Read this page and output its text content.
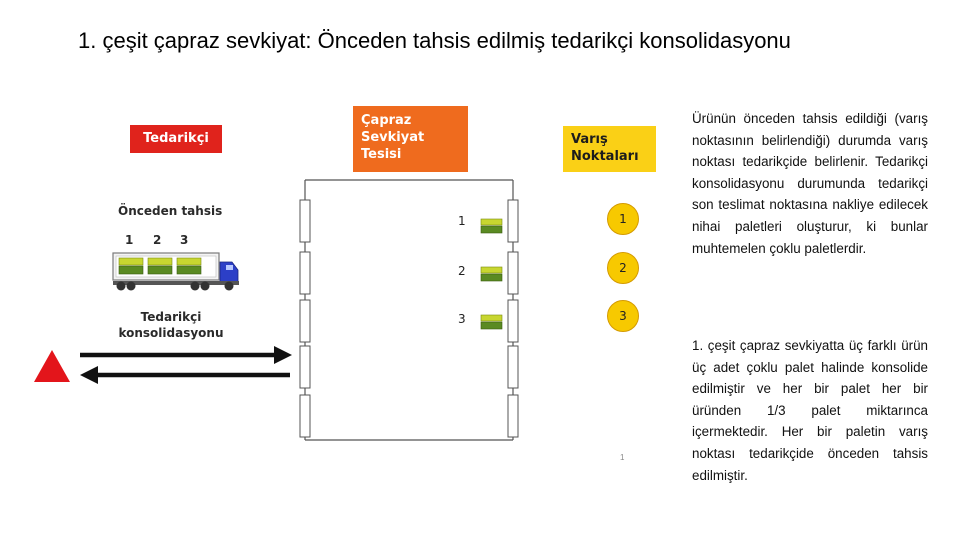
1. çeşit çapraz sevkiyat: Önceden tahsis edilmiş tedarikçi konsolidasyonu
Tedarikçi
Çapraz
Sevkiyat
Tesisi
Varış
Noktaları
Önceden tahsis
1 2 3
Tedarikçi
konsolidasyonu
1
2
3
1
2
3
1
Ürünün önceden tahsis edildiği (varış noktasının belirlendiği) durumda varış noktası tedarikçide belirlenir. Tedarikçi konsolidasyonu durumunda tedarikçi son teslimat noktasına nakliye edilecek nihai paletleri oluşturur, ki bunlar muhtemelen çoklu paletlerdir.
1. çeşit çapraz sevkiyatta üç farklı ürün üç adet çoklu palet halinde konsolide edilmiştir ve her bir palet her bir üründen 1/3 palet miktarınca içermektedir. Her bir paletin varış noktası tedarikçide önceden tahsis edilmiştir.
